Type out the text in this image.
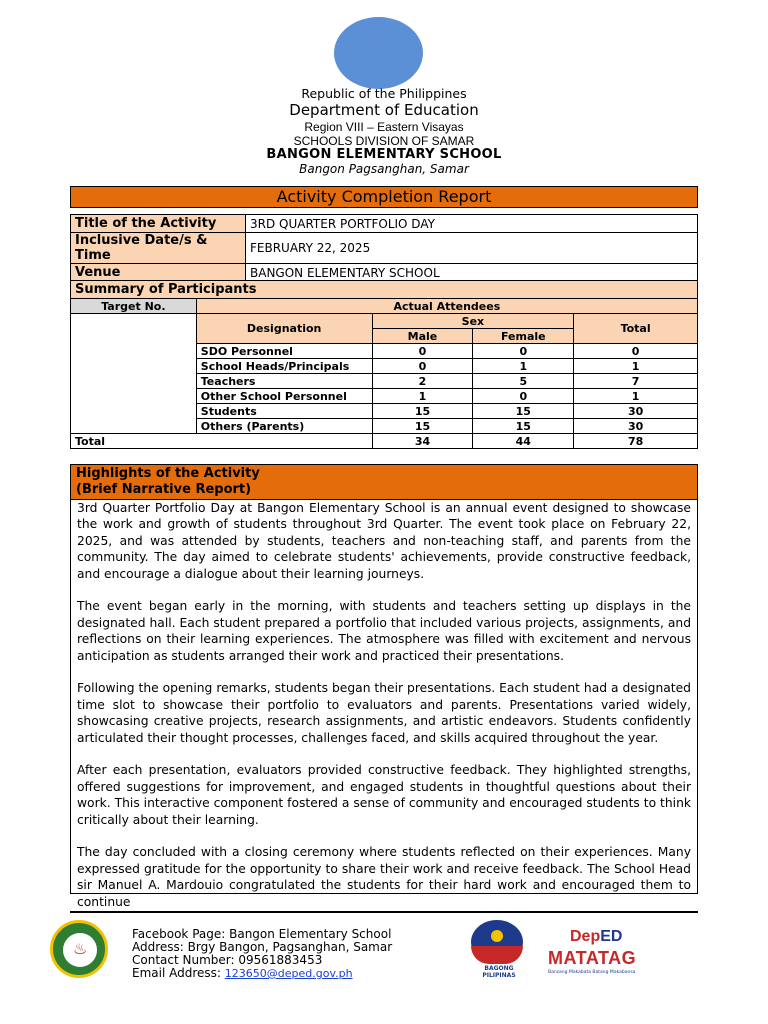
Republic of the Philippines
Department of Education
Region VIII – Eastern Visayas
SCHOOLS DIVISION OF SAMAR
BANGON ELEMENTARY SCHOOL
Bangon Pagsanghan, Samar
Activity Completion Report
Title of the Activity	3RD QUARTER PORTFOLIO DAY
Inclusive Date/s & Time	FEBRUARY 22, 2025
Venue	BANGON ELEMENTARY SCHOOL
Summary of Participants				
Target No.	Actual Attendees			
	Designation	Sex		Total
		Male	Female	
	SDO Personnel	0	0	0
	School Heads/Principals	0	1	1
	Teachers	2	5	7
	Other School Personnel	1	0	1
	Students	15	15	30
	Others (Parents)	15	15	30
Total		34	44	78
Highlights of the Activity
(Brief Narrative Report)

3rd Quarter Portfolio Day at Bangon Elementary School is an annual event designed to showcase the work and growth of students throughout 3rd Quarter. The event took place on February 22, 2025, and was attended by students, teachers and non-teaching staff, and parents from the community. The day aimed to celebrate students' achievements, provide constructive feedback, and encourage a dialogue about their learning journeys.

The event began early in the morning, with students and teachers setting up displays in the designated hall. Each student prepared a portfolio that included various projects, assignments, and reflections on their learning experiences. The atmosphere was filled with excitement and nervous anticipation as students arranged their work and practiced their presentations.

Following the opening remarks, students began their presentations. Each student had a designated time slot to showcase their portfolio to evaluators and parents. Presentations varied widely, showcasing creative projects, research assignments, and artistic endeavors. Students confidently articulated their thought processes, challenges faced, and skills acquired throughout the year.

After each presentation, evaluators provided constructive feedback. They highlighted strengths, offered suggestions for improvement, and engaged students in thoughtful questions about their work. This interactive component fostered a sense of community and encouraged students to think critically about their learning.

The day concluded with a closing ceremony where students reflected on their experiences. Many expressed gratitude for the opportunity to share their work and receive feedback. The School Head sir Manuel A. Mardouio congratulated the students for their hard work and encouraged them to continue

♨
Facebook Page: Bangon Elementary School
Address: Brgy Bangon, Pagsanghan, Samar
Contact Number: 09561883453
Email Address: 123650@deped.gov.ph	BAGONG PILIPINAS
DepED
MATATAG
Bansang Makabata Batang Makabansa
